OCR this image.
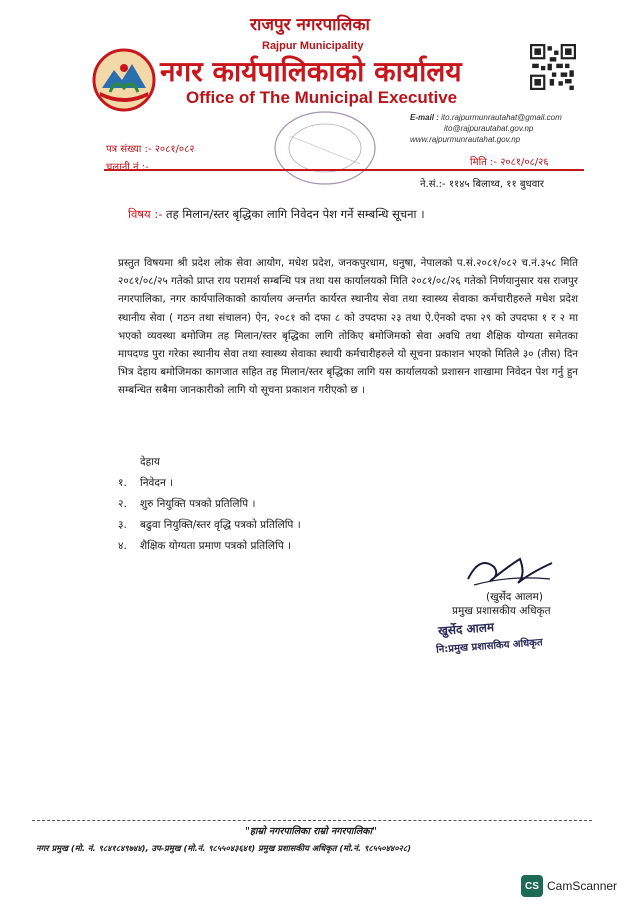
राजपुर नगरपालिका
Rajpur Municipality
नगर कार्यपालिकाको कार्यालय
Office of The Municipal Executive
E-mail : ito.rajpurmunrautahat@gmail.com
ito@rajpurautahat.gov.np
www.rajpurmunrautahat.gov.np
पत्र संख्या :- २०८१/०८२
चलानी नं :-	मिति :- २०८१/०८/२६
ने.सं.:- ११४५ बिलाथ्व, ११ बुधवार
विषय :- तह मिलान/स्तर बृद्धिका लागि निवेदन पेश गर्ने सम्बन्धि सूचना ।
प्रस्तुत विषयमा श्री प्रदेश लोक सेवा आयोग, मधेश प्रदेश, जनकपुरधाम, धनुषा, नेपालको प.सं.२०८१/०८२ च.नं.३५८ मिति २०८१/०८/२५ गतेको प्राप्त राय परामर्श सम्बन्धि पत्र तथा यस कार्यालयको मिति २०८१/०८/२६ गतेको निर्णयानुसार यस राजपुर नगरपालिका, नगर कार्यपालिकाको कार्यालय अन्तर्गत कार्यरत स्थानीय सेवा तथा स्वास्थ्य सेवाका कर्मचारीहरुले मधेश प्रदेश स्थानीय सेवा ( गठन तथा संचालन) ऐन, २०८१ को दफा ८ को उपदफा २३ तथा ऐ.ऐनको दफा २९ को उपदफा १ र २ मा भएको व्यवस्था बमोजिम तह मिलान/स्तर बृद्धिका लागि तोकिए बमोजिमको सेवा अवधि तथा शैक्षिक योग्यता समेतका मापदण्ड पुरा गरेका स्थानीय सेवा तथा स्वास्थ्य सेवाका स्थायी कर्मचारीहरुले यो सूचना प्रकाशन भएको मितिले ३० (तीस) दिन भित्र देहाय बमोजिमका कागजात सहित तह मिलान/स्तर बृद्धिका लागि यस कार्यालयको प्रशासन शाखामा निवेदन पेश गर्नु हुन सम्बन्धित सबैमा जानकारीको लागि यो सूचना प्रकाशन गरीएको छ ।
देहाय
१. निवेदन ।
२. शुरु नियुक्ति पत्रको प्रतिलिपि ।
३. बढुवा नियुक्ति/स्तर वृद्धि पत्रको प्रतिलिपि ।
४. शैक्षिक योग्यता प्रमाण पत्रको प्रतिलिपि ।
(खुर्सेद आलम)
प्रमुख प्रशासकीय अधिकृत
खुर्सेद आलम
नि:प्रमुख प्रशासकिय अधिकृत
"हाम्रो नगरपालिका राम्रो नगरपालिका"
नगर प्रमुख (मो. नं. ९८४१८४९७४४), उप-प्रमुख (मो.नं. ९८५५०४३६४१) प्रमुख प्रशासकीय अधिकृत (मो.नं. ९८५५०४४०२८)
CS CamScanner
